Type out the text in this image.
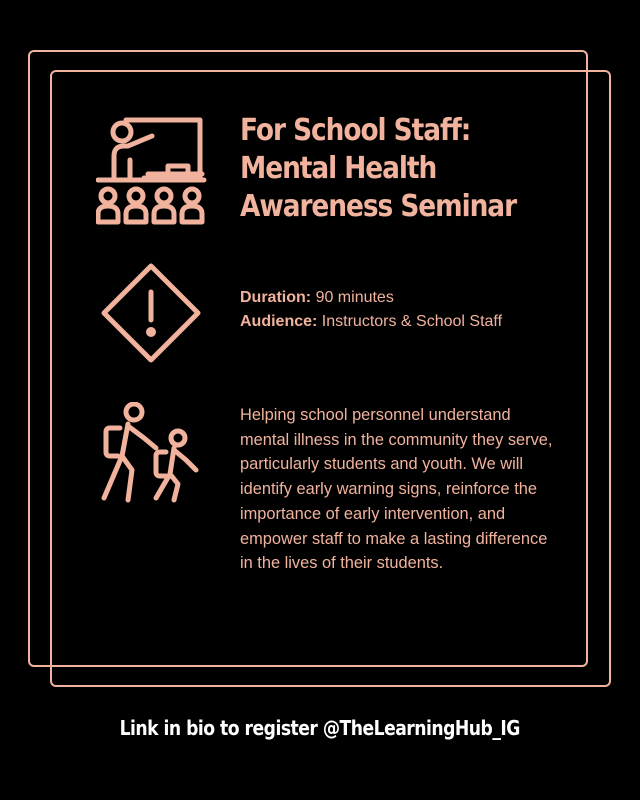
For School Staff:
Mental Health
Awareness Seminar
Duration: 90 minutes
Audience: Instructors & School Staff

Helping school personnel understand mental illness in the community they serve, particularly students and youth. We will identify early warning signs, reinforce the importance of early intervention, and empower staff to make a lasting difference in the lives of their students.

Link in bio to register @TheLearningHub_IG
